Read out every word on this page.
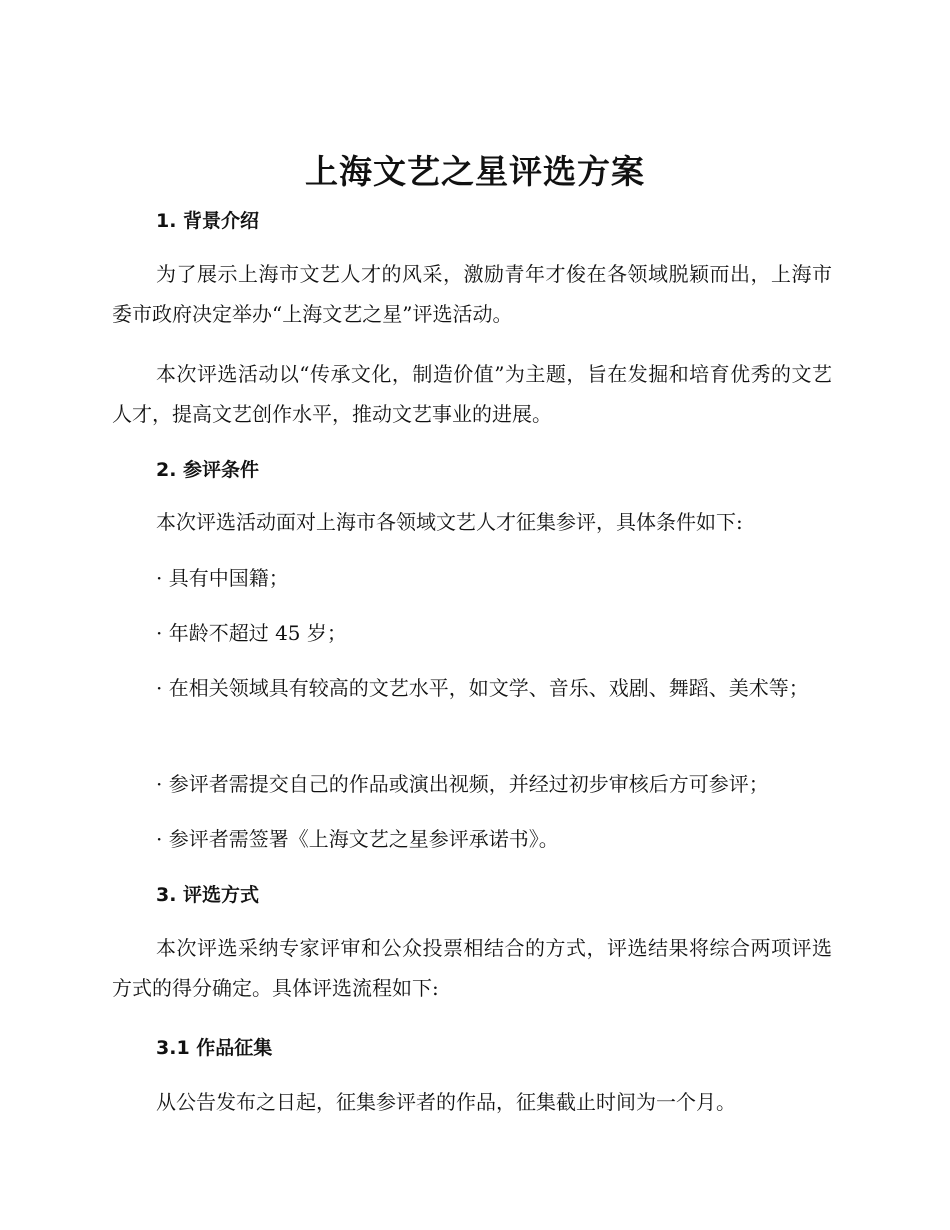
上海文艺之星评选方案
1. 背景介绍
为了展示上海市文艺人才的风采，激励青年才俊在各领域脱颖而出，上海市委市政府决定举办“上海文艺之星”评选活动。
本次评选活动以“传承文化，制造价值”为主题，旨在发掘和培育优秀的文艺人才，提高文艺创作水平，推动文艺事业的进展。
2. 参评条件
本次评选活动面对上海市各领域文艺人才征集参评，具体条件如下:
· 具有中国籍；
· 年龄不超过 45 岁；
· 在相关领域具有较高的文艺水平，如文学、音乐、戏剧、舞蹈、美术等；
· 参评者需提交自己的作品或演出视频，并经过初步审核后方可参评；
· 参评者需签署《上海文艺之星参评承诺书》。
3. 评选方式
本次评选采纳专家评审和公众投票相结合的方式，评选结果将综合两项评选方式的得分确定。具体评选流程如下:
3.1 作品征集
从公告发布之日起，征集参评者的作品，征集截止时间为一个月。
